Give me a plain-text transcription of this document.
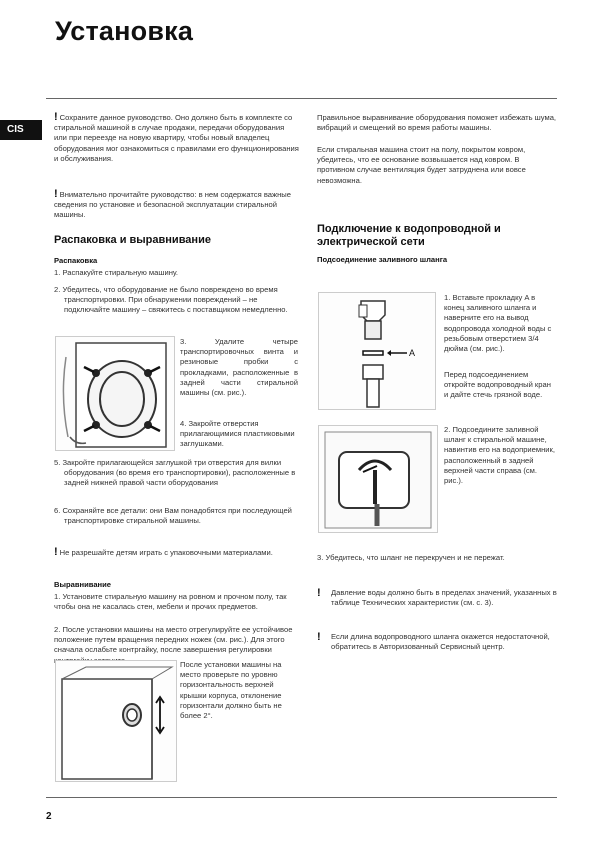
Установка
CIS

! Сохраните данное руководство. Оно должно быть в комплекте со стиральной машиной в случае продажи, передачи оборудования или при переезде на новую квартиру, чтобы новый владелец оборудования мог ознакомиться с правилами его функционирования и обслуживания.

! Внимательно прочитайте руководство: в нем содержатся важные сведения по установке и безопасной эксплуатации стиральной машины.

Распаковка и выравнивание
Распаковка
1. Распакуйте стиральную машину.
2. Убедитесь, что оборудование не было повреждено во время транспортировки. При обнаружении повреждений – не подключайте машину – свяжитесь с поставщиком немедленно.
3. Удалите четыре транспортировочных винта и резиновые пробки с прокладками, расположенные в задней части стиральной машины (см. рис.).
4. Закройте отверстия прилагающимися пластиковыми заглушками.
5. Закройте прилагающейся заглушкой три отверстия для вилки оборудования (во время его транспортировки), расположенные в задней нижней правой части оборудования
6. Сохраняйте все детали: они Вам понадобятся при последующей транспортировке стиральной машины.

! Не разрешайте детям играть с упаковочными материалами.

Выравнивание
1. Установите стиральную машину на ровном и прочном полу, так чтобы она не касалась стен, мебели и прочих предметов.
2. После установки машины на место отрегулируйте ее устойчивое положение путем вращения передних ножек (см. рис.). Для этого сначала ослабьте контргайку, после завершения регулировки
После установки машины на место проверьте по уровню горизонтальность верхней крышки корпуса, отклонение горизонтали должно быть не более 2°.
Правильное выравнивание оборудования поможет избежать шума, вибраций и смещений во время работы машины.
Если стиральная машина стоит на полу, покрытом ковром, убедитесь, что ее основание возвышается над ковром. В противном случае вентиляция будет затруднена или вовсе невозможна.
Подключение к водопроводной и электрической сети
Подсоединение заливного шланга
A
1. Вставьте прокладку A в конец заливного шланга и наверните его на вывод водопровода холодной воды с резьбовым отверстием 3/4 дюйма (см. рис.).
Перед подсоединением откройте водопроводный кран и дайте стечь грязной воде.
2. Подсоедините заливной шланг к стиральной машине, навинтив его на водоприемник, расположенный в задней верхней части справа (см. рис.).
3. Убедитесь, что шланг не перекручен и не пережат.
! Давление воды должно быть в пределах значений, указанных в таблице Технических характеристик (см. с. 3).
! Если длина водопроводного шланга окажется недостаточной, обратитесь в Авторизованный Сервисный центр.
2
